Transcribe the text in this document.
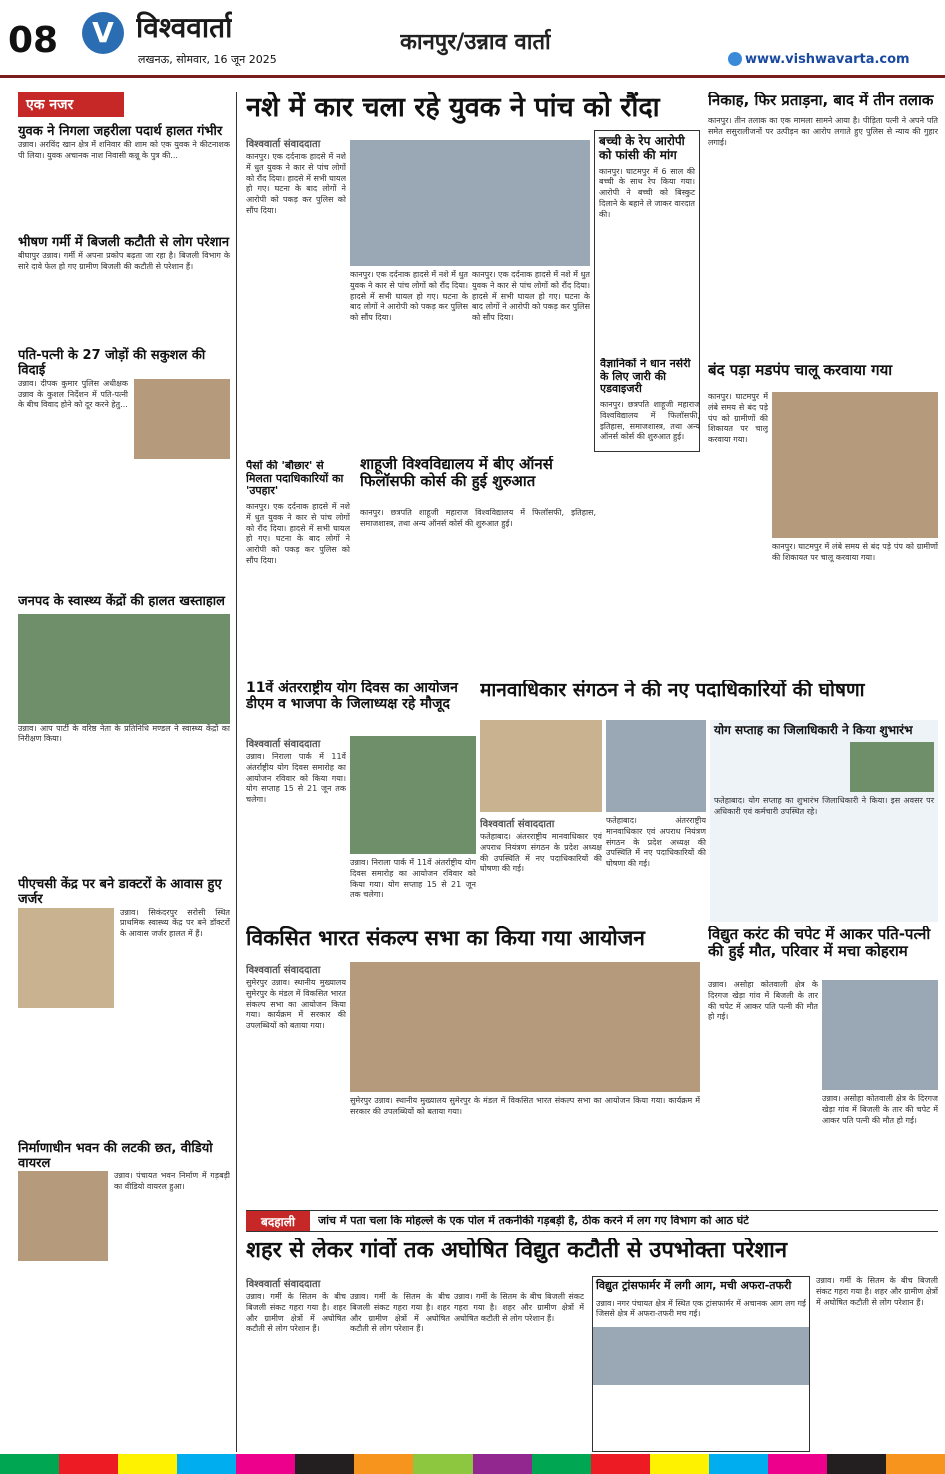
08	V विश्ववार्ता
लखनऊ, सोमवार, 16 जून 2025
कानपुर/उन्नाव वार्ता
www.vishwavarta.com
एक नजर
युवक ने निगला जहरीला पदार्थ हालत गंभीर
उन्नाव। अरविंद खान क्षेत्र में शनिवार की शाम को एक युवक ने कीटनाशक पी लिया। युवक अचानक नाश निवासी कन्नू के पुत्र की...
भीषण गर्मी में बिजली कटौती से लोग परेशान
बीघापुर उन्नाव। गर्मी में अपना प्रकोप बढ़ता जा रहा है। बिजली विभाग के सारे दावे फेल हो गए ग्रामीण बिजली की कटौती से परेशान हैं।
पति-पत्नी के 27 जोड़ों की सकुशल की विदाई
उन्नाव। दीपक कुमार पुलिस अधीक्षक उन्नाव के कुशल निर्देशन में पति-पत्नी के बीच विवाद होने को दूर करने हेतु...
जनपद के स्वास्थ्य केंद्रों की हालत खस्ताहाल
उन्नाव। आप पार्टी के वरिष्ठ नेता के प्रतिनिधि मण्डल ने स्वास्थ्य केंद्रों का निरीक्षण किया।
पीएचसी केंद्र पर बने डाक्टरों के आवास हुए जर्जर
उन्नाव। सिकंदरपुर सरोसी स्थित प्राथमिक स्वास्थ्य केंद्र पर बने डॉक्टरों के आवास जर्जर हालत में हैं।
निर्माणाधीन भवन की लटकी छत, वीडियो वायरल
उन्नाव। पंचायत भवन निर्माण में गड़बड़ी का वीडियो वायरल हुआ।
नशे में कार चला रहे युवक ने पांच को रौंदा
विश्ववार्ता संवाददाता
कानपुर। एक दर्दनाक हादसे में नशे में धुत युवक ने कार से पांच लोगों को रौंद दिया। हादसे में सभी घायल हो गए। घटना के बाद लोगों ने आरोपी को पकड़ कर पुलिस को सौंप दिया।
कानपुर। एक दर्दनाक हादसे में नशे में धुत युवक ने कार से पांच लोगों को रौंद दिया। हादसे में सभी घायल हो गए। घटना के बाद लोगों ने आरोपी को पकड़ कर पुलिस को सौंप दिया।
कानपुर। एक दर्दनाक हादसे में नशे में धुत युवक ने कार से पांच लोगों को रौंद दिया। हादसे में सभी घायल हो गए। घटना के बाद लोगों ने आरोपी को पकड़ कर पुलिस को सौंप दिया।
बच्ची के रेप आरोपी को फांसी की मांग
कानपुर। घाटमपुर में 6 साल की बच्ची के साथ रेप किया गया। आरोपी ने बच्ची को बिस्कुट दिलाने के बहाने ले जाकर वारदात की।
निकाह, फिर प्रताड़ना, बाद में तीन तलाक
कानपुर। तीन तलाक का एक मामला सामने आया है। पीड़िता पत्नी ने अपने पति समेत ससुरालीजनों पर उत्पीड़न का आरोप लगाते हुए पुलिस से न्याय की गुहार लगाई।
पैसों की 'बौछार' से मिलता पदाधिकारियों का 'उपहार'
कानपुर। एक दर्दनाक हादसे में नशे में धुत युवक ने कार से पांच लोगों को रौंद दिया। हादसे में सभी घायल हो गए। घटना के बाद लोगों ने आरोपी को पकड़ कर पुलिस को सौंप दिया।
शाहूजी विश्वविद्यालय में बीए ऑनर्स फिलॉसफी कोर्स की हुई शुरुआत
कानपुर। छत्रपति शाहूजी महाराज विश्वविद्यालय में फिलॉसफी, इतिहास, समाजशास्त्र, तथा अन्य ऑनर्स कोर्स की शुरुआत हुई।
वैज्ञानिकों ने धान नर्सरी के लिए जारी की एडवाइजरी
कानपुर। छत्रपति शाहूजी महाराज विश्वविद्यालय में फिलॉसफी, इतिहास, समाजशास्त्र, तथा अन्य ऑनर्स कोर्स की शुरुआत हुई।
बंद पड़ा मडपंप चालू करवाया गया
कानपुर। घाटमपुर में लंबे समय से बंद पड़े पंप को ग्रामीणों की शिकायत पर चालू करवाया गया।
कानपुर। घाटमपुर में लंबे समय से बंद पड़े पंप को ग्रामीणों की शिकायत पर चालू करवाया गया।
11वें अंतरराष्ट्रीय योग दिवस का आयोजन डीएम व भाजपा के जिलाध्यक्ष रहे मौजूद
विश्ववार्ता संवाददाता
उन्नाव। निराला पार्क में 11वें अंतर्राष्ट्रीय योग दिवस समारोह का आयोजन रविवार को किया गया। योग सप्ताह 15 से 21 जून तक चलेगा।
उन्नाव। निराला पार्क में 11वें अंतर्राष्ट्रीय योग दिवस समारोह का आयोजन रविवार को किया गया। योग सप्ताह 15 से 21 जून तक चलेगा।
मानवाधिकार संगठन ने की नए पदाधिकारियों की घोषणा
विश्ववार्ता संवाददाता
फतेहाबाद। अंतरराष्ट्रीय मानवाधिकार एवं अपराध नियंत्रण संगठन के प्रदेश अध्यक्ष की उपस्थिति में नए पदाधिकारियों की घोषणा की गई।
फतेहाबाद। अंतरराष्ट्रीय मानवाधिकार एवं अपराध नियंत्रण संगठन के प्रदेश अध्यक्ष की उपस्थिति में नए पदाधिकारियों की घोषणा की गई।
योग सप्ताह का जिलाधिकारी ने किया शुभारंभ
फतेहाबाद। योग सप्ताह का शुभारंभ जिलाधिकारी ने किया। इस अवसर पर अधिकारी एवं कर्मचारी उपस्थित रहे।
विकसित भारत संकल्प सभा का किया गया आयोजन
विश्ववार्ता संवाददाता
सुमेरपुर उन्नाव। स्थानीय मुख्यालय सुमेरपुर के मंडल में विकसित भारत संकल्प सभा का आयोजन किया गया। कार्यक्रम में सरकार की उपलब्धियों को बताया गया।
सुमेरपुर उन्नाव। स्थानीय मुख्यालय सुमेरपुर के मंडल में विकसित भारत संकल्प सभा का आयोजन किया गया। कार्यक्रम में सरकार की उपलब्धियों को बताया गया।
विद्युत करंट की चपेट में आकर पति-पत्नी की हुई मौत, परिवार में मचा कोहराम
उन्नाव। असोहा कोतवाली क्षेत्र के दिरगज खेड़ा गांव में बिजली के तार की चपेट में आकर पति पत्नी की मौत हो गई।
उन्नाव। असोहा कोतवाली क्षेत्र के दिरगज खेड़ा गांव में बिजली के तार की चपेट में आकर पति पत्नी की मौत हो गई।
बदहाली	जांच में पता चला कि मोहल्ले के एक पोल में तकनीकी गड़बड़ी है, ठीक करने में लग गए विभाग को आठ घंटे
शहर से लेकर गांवों तक अघोषित विद्युत कटौती से उपभोक्ता परेशान
विश्ववार्ता संवाददाता
उन्नाव। गर्मी के सितम के बीच बिजली संकट गहरा गया है। शहर और ग्रामीण क्षेत्रों में अघोषित कटौती से लोग परेशान हैं।
उन्नाव। गर्मी के सितम के बीच बिजली संकट गहरा गया है। शहर और ग्रामीण क्षेत्रों में अघोषित कटौती से लोग परेशान हैं।
उन्नाव। गर्मी के सितम के बीच बिजली संकट गहरा गया है। शहर और ग्रामीण क्षेत्रों में अघोषित कटौती से लोग परेशान हैं।
विद्युत ट्रांसफार्मर में लगी आग, मची अफरा-तफरी
उन्नाव। नगर पंचायत क्षेत्र में स्थित एक ट्रांसफार्मर में अचानक आग लग गई जिससे क्षेत्र में अफरा-तफरी मच गई।
उन्नाव। गर्मी के सितम के बीच बिजली संकट गहरा गया है। शहर और ग्रामीण क्षेत्रों में अघोषित कटौती से लोग परेशान हैं।
